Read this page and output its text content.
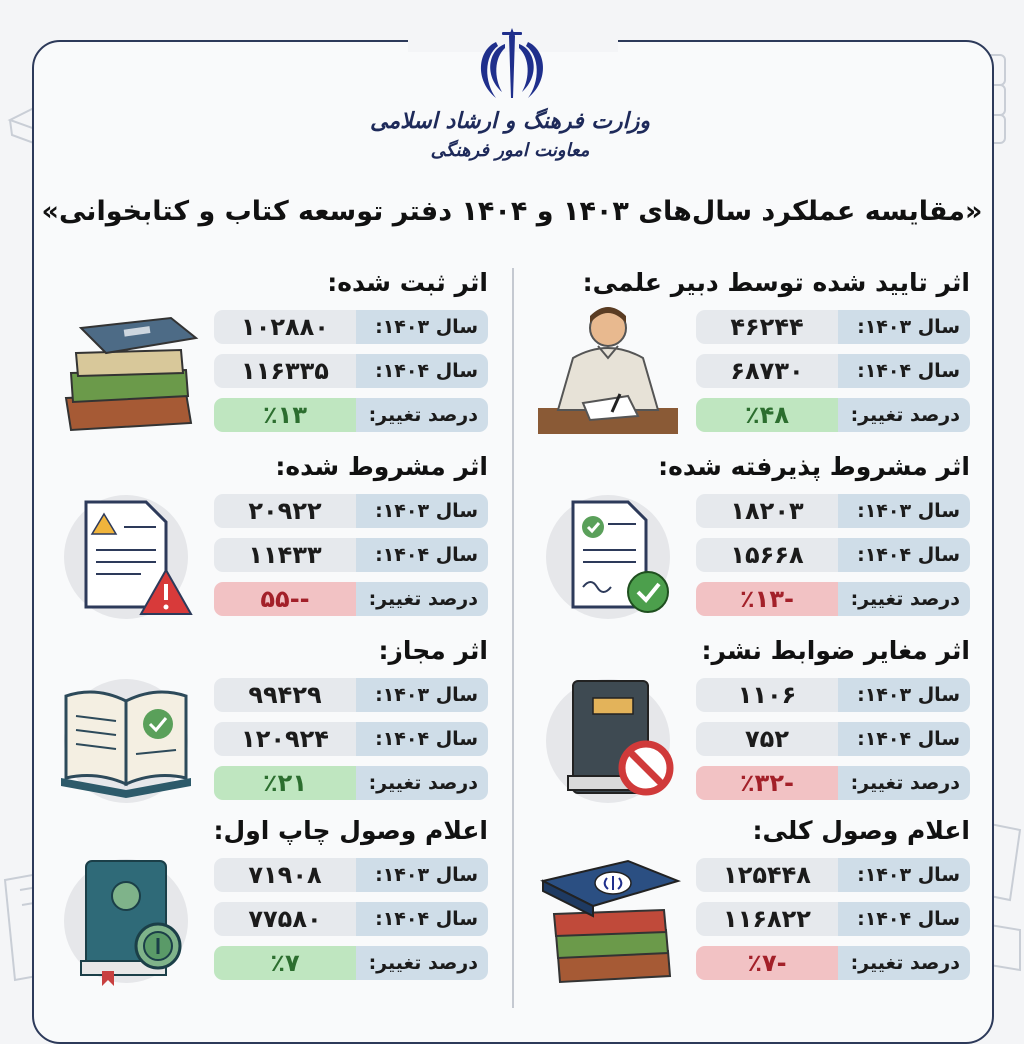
وزارت فرهنگ و ارشاد اسلامی
معاونت امور فرهنگی
«مقایسه عملکرد سال‌های ۱۴۰۳ و ۱۴۰۴ دفتر توسعه کتاب و کتابخوانی»
اثر تایید شده توسط دبیر علمی:
۴۶۲۴۴	سال ۱۴۰۳:
۶۸۷۳۰	سال ۱۴۰۴:
٪۴۸	درصد تغییر:
اثر ثبت شده:
۱۰۲۸۸۰	سال ۱۴۰۳:
۱۱۶۳۳۵	سال ۱۴۰۴:
٪۱۳	درصد تغییر:
اثر مشروط پذیرفته شده:
۱۸۲۰۳	سال ۱۴۰۳:
۱۵۶۶۸	سال ۱۴۰۴:
-٪۱۳	درصد تغییر:
اثر مشروط شده:
۲۰۹۲۲	سال ۱۴۰۳:
۱۱۴۳۳	سال ۱۴۰۴:
--۵۵	درصد تغییر:
اثر مغایر ضوابط نشر:
۱۱۰۶	سال ۱۴۰۳:
۷۵۲	سال ۱۴۰۴:
-٪۳۲	درصد تغییر:
اثر مجاز:
۹۹۴۲۹	سال ۱۴۰۳:
۱۲۰۹۲۴	سال ۱۴۰۴:
٪۲۱	درصد تغییر:
اعلام وصول کلی:
۱۲۵۴۴۸	سال ۱۴۰۳:
۱۱۶۸۲۲	سال ۱۴۰۴:
-٪۷	درصد تغییر:
اعلام وصول چاپ اول:
۷۱۹۰۸	سال ۱۴۰۳:
۷۷۵۸۰	سال ۱۴۰۴:
٪۷	درصد تغییر:
